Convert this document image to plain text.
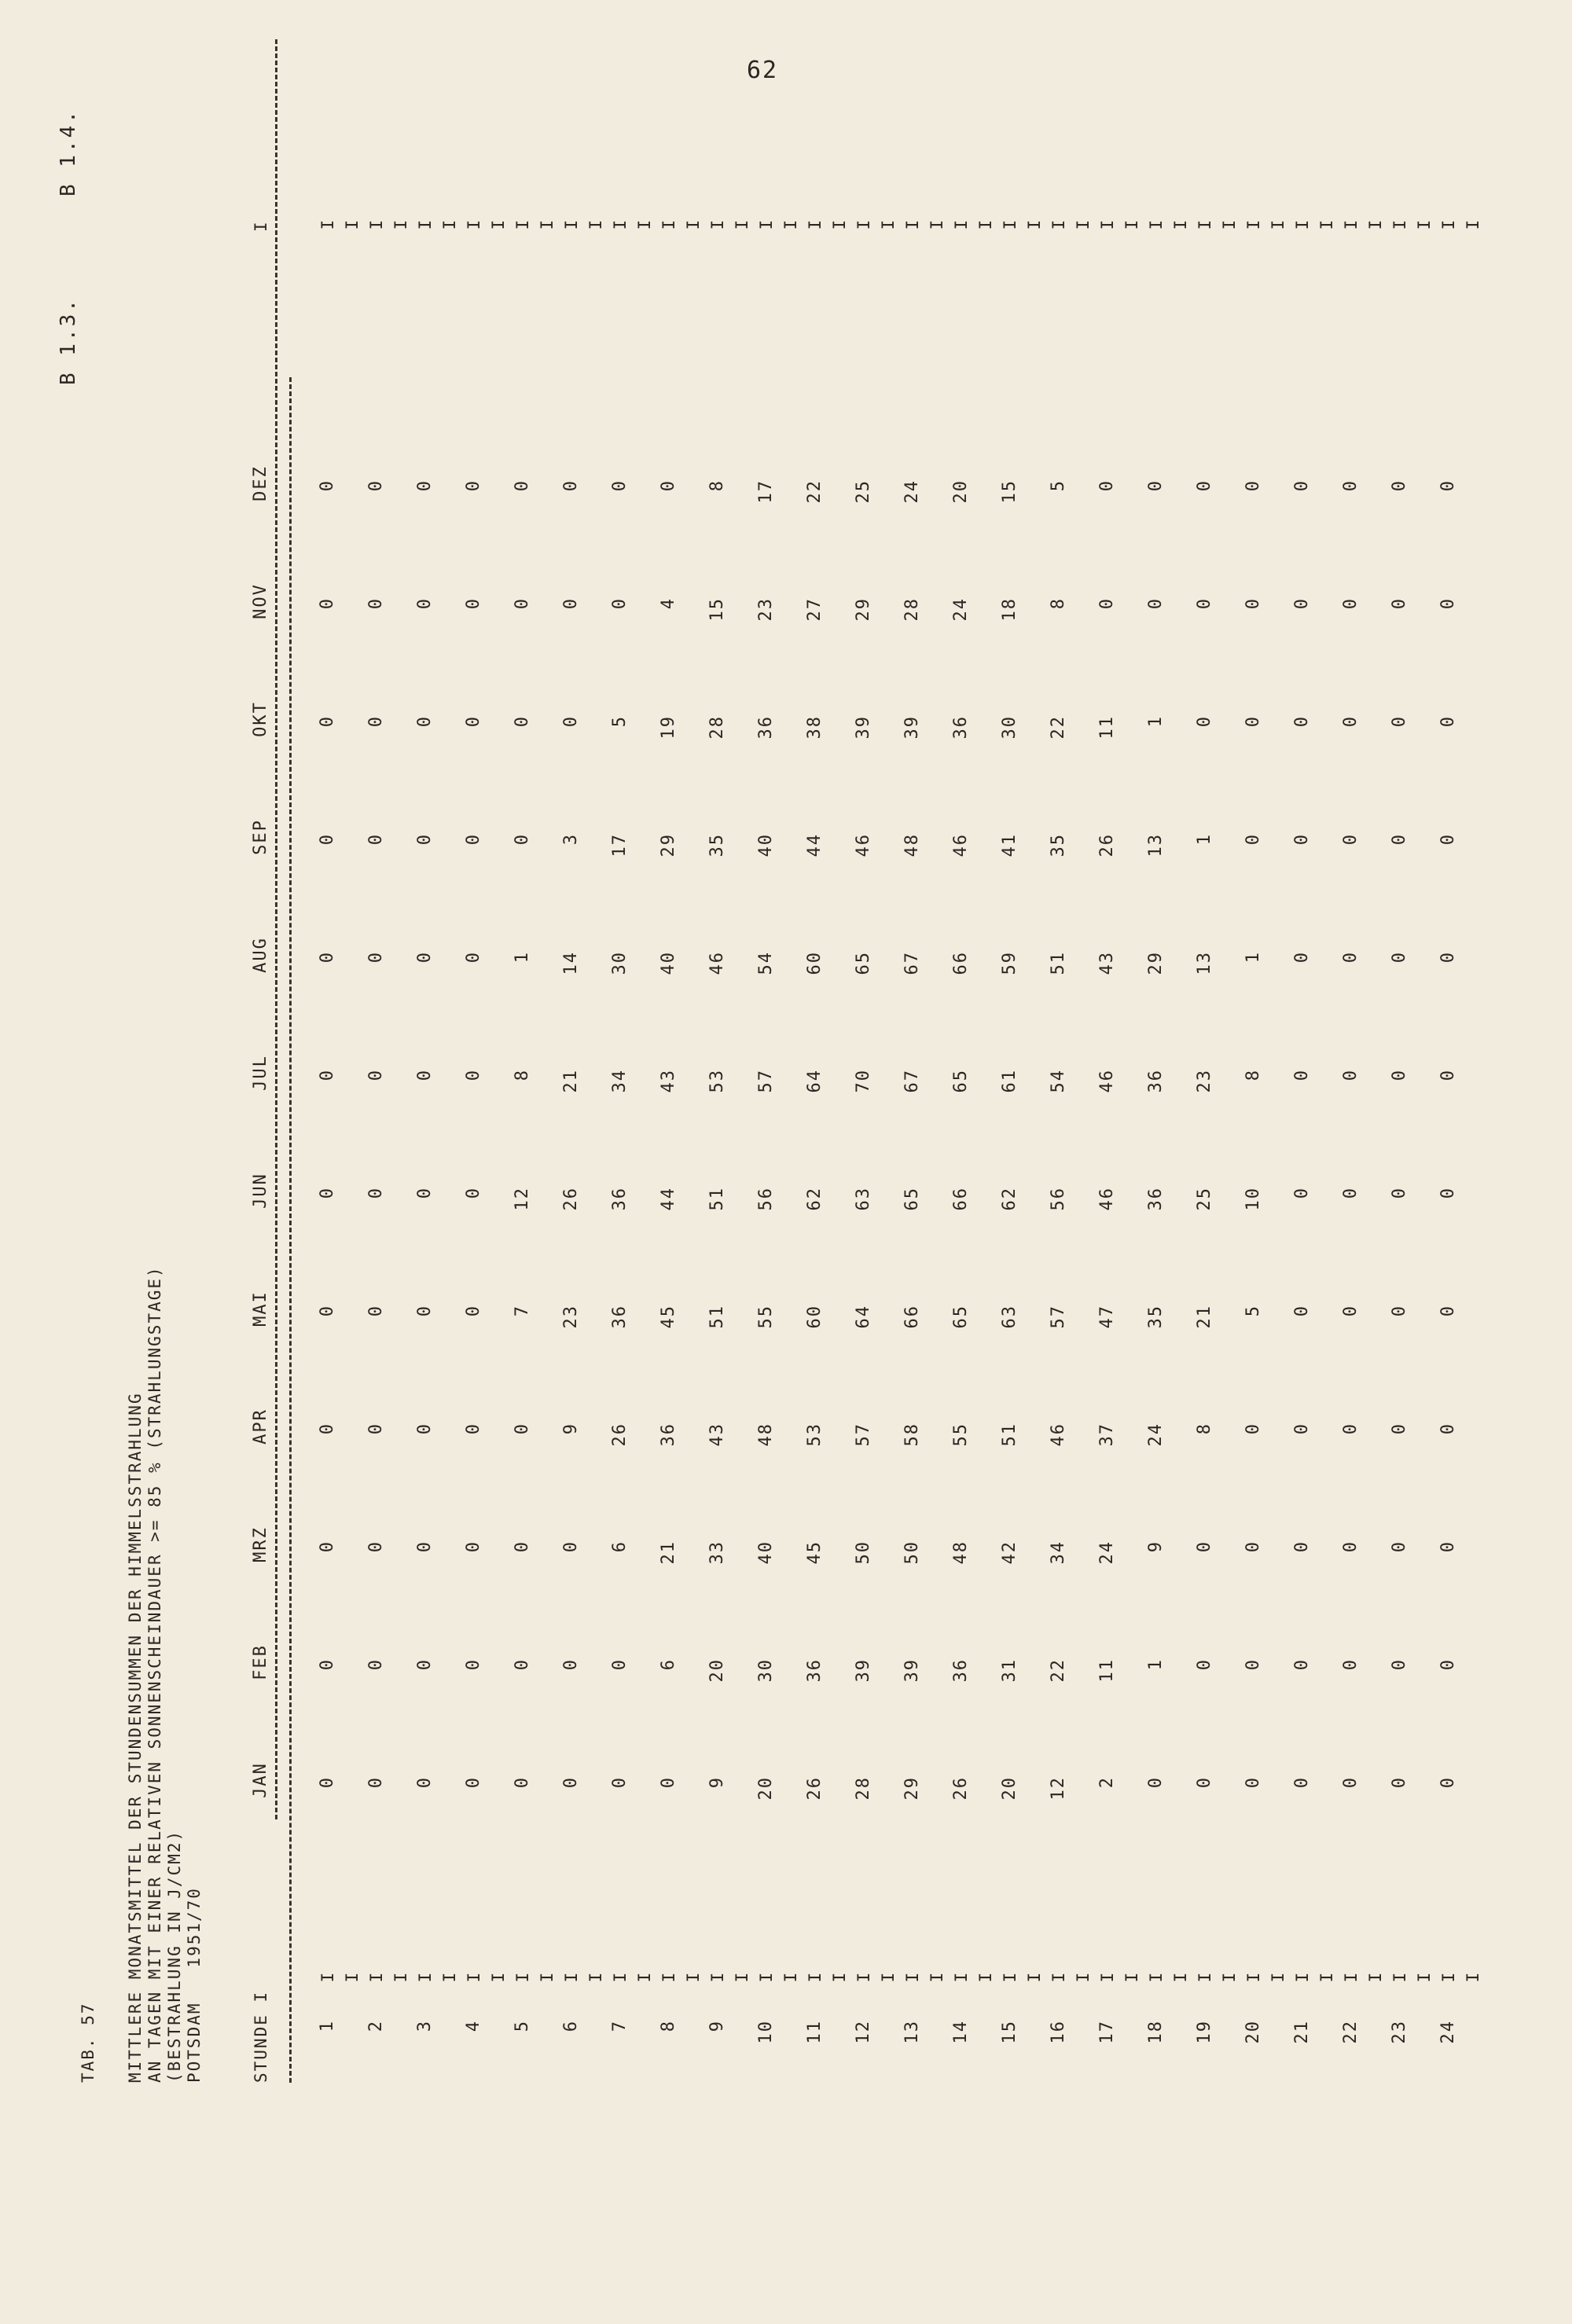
62
TAB. 57
B 1.3.
B 1.4.
MITTLERE MONATSMITTEL DER STUNDENSUMMEN DER HIMMELSSTRAHLUNG AN TAGEN MIT EINER RELATIVEN SONNENSCHEINDAUER >= 85 % (STRAHLUNGSTAGE) (BESTRAHLUNG IN J/CM2) POTSDAM   1951/70	STUNDE I
JAN
FEB
MRZ
APR
MAI
JUN
JUL
AUG
SEP
OKT
NOV
DEZ
I
1
I
0
0
0
0
0
0
0
0
0
0
0
0
I
2
I
0
0
0
0
0
0
0
0
0
0
0
0
I
3
I
0
0
0
0
0
0
0
0
0
0
0
0
I
4
I
0
0
0
0
0
0
0
0
0
0
0
0
I
5
I
0
0
0
0
7
12
8
1
0
0
0
0
I
6
I
0
0
0
9
23
26
21
14
3
0
0
0
I
7
I
0
0
6
26
36
36
34
30
17
5
0
0
I
8
I
0
6
21
36
45
44
43
40
29
19
4
0
I
9
I
9
20
33
43
51
51
53
46
35
28
15
8
I
10
I
20
30
40
48
55
56
57
54
40
36
23
17
I
11
I
26
36
45
53
60
62
64
60
44
38
27
22
I
12
I
28
39
50
57
64
63
70
65
46
39
29
25
I
13
I
29
39
50
58
66
65
67
67
48
39
28
24
I
14
I
26
36
48
55
65
66
65
66
46
36
24
20
I
15
I
20
31
42
51
63
62
61
59
41
30
18
15
I
16
I
12
22
34
46
57
56
54
51
35
22
8
5
I
17
I
2
11
24
37
47
46
46
43
26
11
0
0
I
18
I
0
1
9
24
35
36
36
29
13
1
0
0
I
19
I
0
0
0
8
21
25
23
13
1
0
0
0
I
20
I
0
0
0
0
5
10
8
1
0
0
0
0
I
21
I
0
0
0
0
0
0
0
0
0
0
0
0
I
22
I
0
0
0
0
0
0
0
0
0
0
0
0
I
23
I
0
0
0
0
0
0
0
0
0
0
0
0
I
24
I
0
0
0
0
0
0
0
0
0
0
0
0
I
I
I
I
I
I
I
I
I
I
I
I
I
I
I
I
I
I
I
I
I
I
I
I
I
I
I
I
I
I
I
I
I
I
I
I
I
I
I
I
I
I
I
I
I
I
I
I
I
